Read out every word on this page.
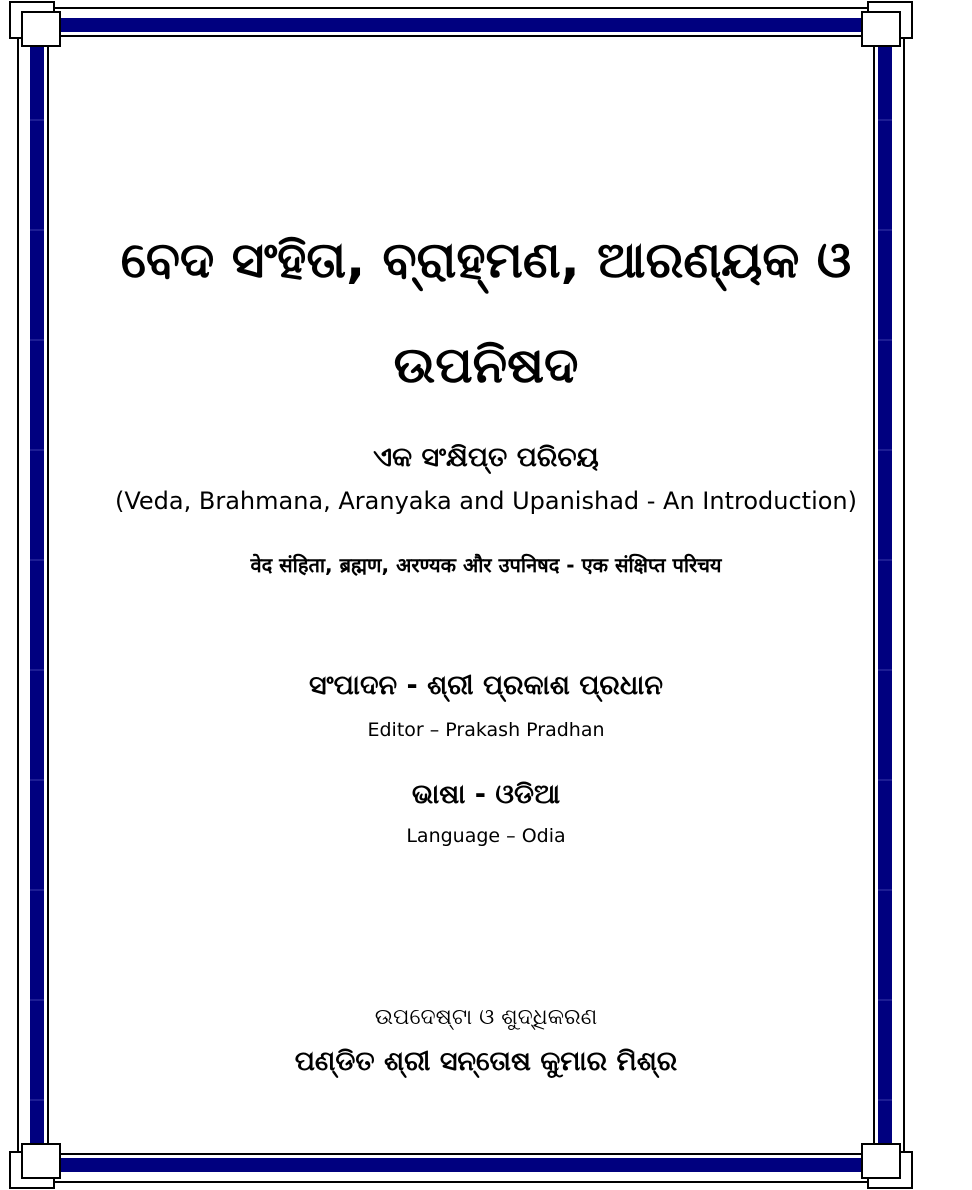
ବେଦ ସଂହିତା, ବ୍ରାହ୍ମଣ, ଆରଣ୍ୟକ ଓ
ଉପନିଷଦ
ଏକ ସଂକ୍ଷିପ୍ତ ପରିଚୟ
(Veda, Brahmana, Aranyaka and Upanishad - An Introduction)
वेद संहिता, ब्रह्मण, अरण्यक और उपनिषद - एक संक्षिप्त परिचय
ସଂପାଦନ - ଶ୍ରୀ ପ୍ରକାଶ ପ୍ରଧାନ
Editor – Prakash Pradhan
ଭାଷା - ଓଡିଆ
Language – Odia
ଉପଦେଷ୍ଟା ଓ ଶୁଦ୍ଧିକରଣ
ପଣ୍ଡିତ ଶ୍ରୀ ସନ୍ତୋଷ କୁମାର ମିଶ୍ର
